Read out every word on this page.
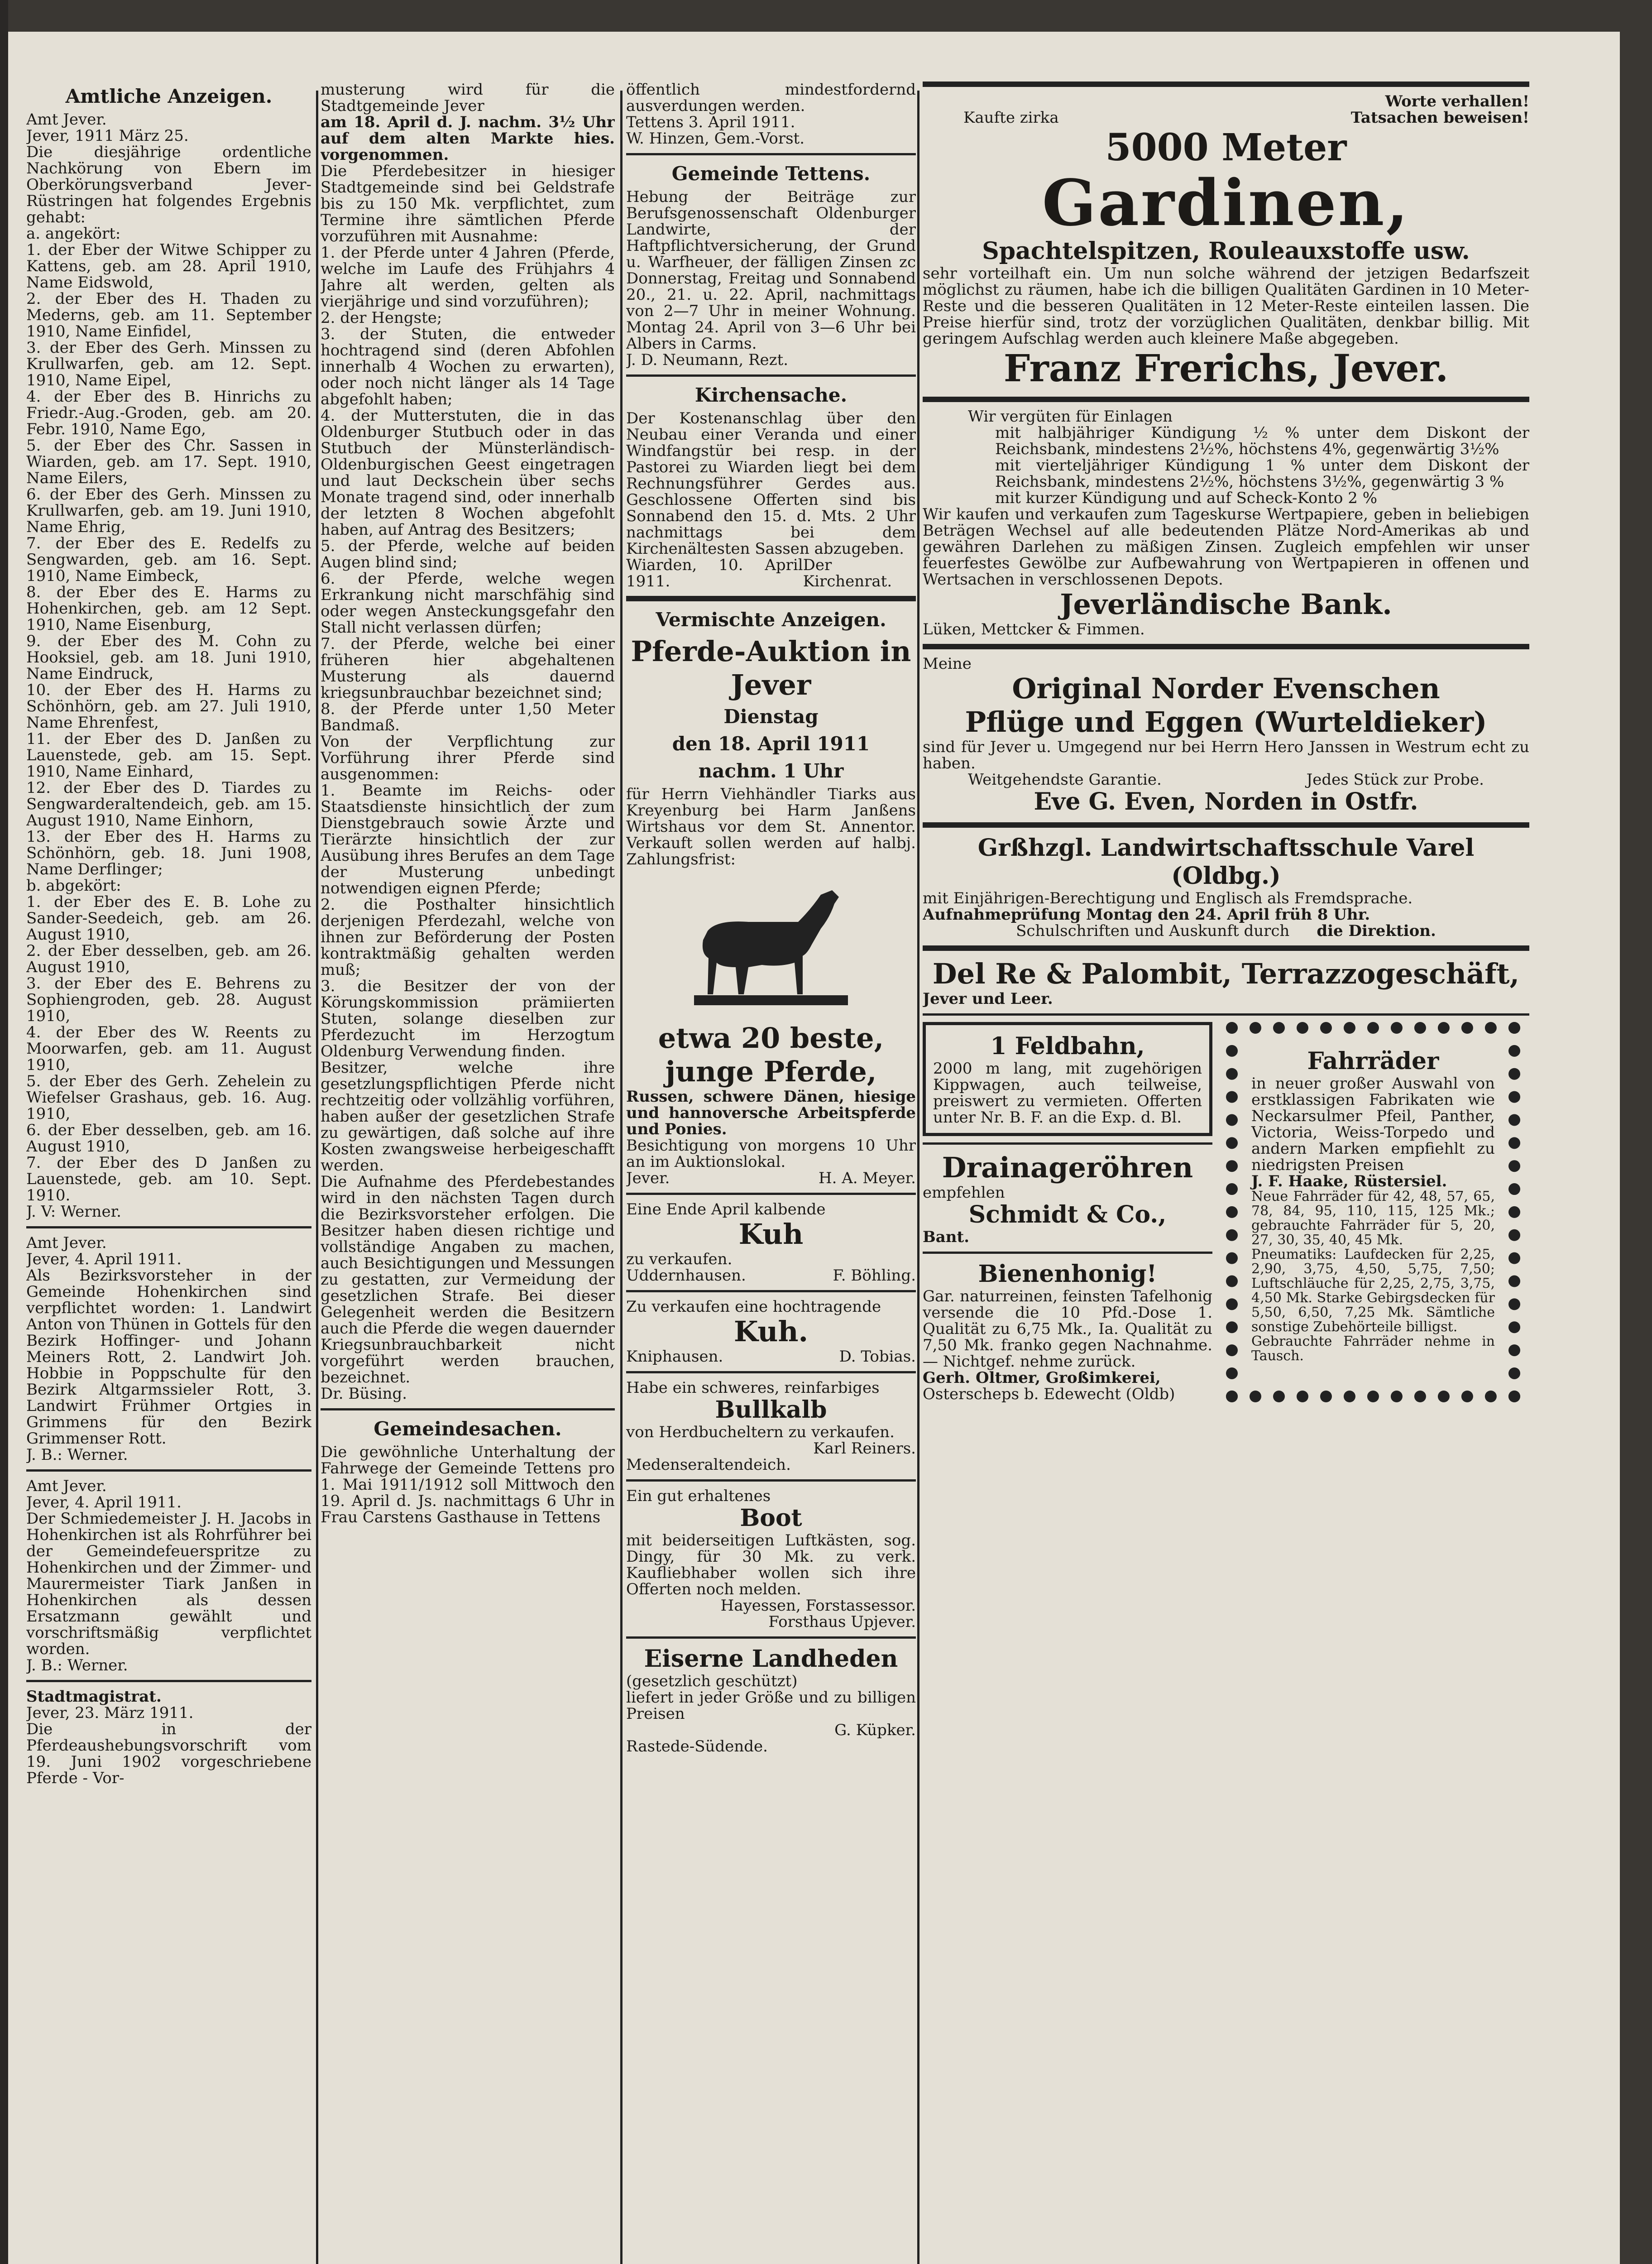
Amtliche Anzeigen.

Amt Jever.

Jever, 1911 März 25.

Die diesjährige ordentliche Nachkörung von Ebern im Oberkörungsverband Jever-Rüstringen hat folgendes Ergebnis gehabt:

a. angekört:

1. der Eber der Witwe Schipper zu Kattens, geb. am 28. April 1910, Name Eidswold,

2. der Eber des H. Thaden zu Mederns, geb. am 11. September 1910, Name Einfidel,

3. der Eber des Gerh. Minssen zu Krullwarfen, geb. am 12. Sept. 1910, Name Eipel,

4. der Eber des B. Hinrichs zu Friedr.-Aug.-Groden, geb. am 20. Febr. 1910, Name Ego,

5. der Eber des Chr. Sassen in Wiarden, geb. am 17. Sept. 1910, Name Eilers,

6. der Eber des Gerh. Minssen zu Krullwarfen, geb. am 19. Juni 1910, Name Ehrig,

7. der Eber des E. Redelfs zu Sengwarden, geb. am 16. Sept. 1910, Name Eimbeck,

8. der Eber des E. Harms zu Hohenkirchen, geb. am 12 Sept. 1910, Name Eisenburg,

9. der Eber des M. Cohn zu Hooksiel, geb. am 18. Juni 1910, Name Eindruck,

10. der Eber des H. Harms zu Schönhörn, geb. am 27. Juli 1910, Name Ehrenfest,

11. der Eber des D. Janßen zu Lauenstede, geb. am 15. Sept. 1910, Name Einhard,

12. der Eber des D. Tiardes zu Sengwarderaltendeich, geb. am 15. August 1910, Name Einhorn,

13. der Eber des H. Harms zu Schönhörn, geb. 18. Juni 1908, Name Derflinger;

b. abgekört:

1. der Eber des E. B. Lohe zu Sander-Seedeich, geb. am 26. August 1910,

2. der Eber desselben, geb. am 26. August 1910,

3. der Eber des E. Behrens zu Sophiengroden, geb. 28. August 1910,

4. der Eber des W. Reents zu Moorwarfen, geb. am 11. August 1910,

5. der Eber des Gerh. Zehelein zu Wiefelser Grashaus, geb. 16. Aug. 1910,

6. der Eber desselben, geb. am 16. August 1910,

7. der Eber des D Janßen zu Lauenstede, geb. am 10. Sept. 1910.

J. V: Werner.

Amt Jever.

Jever, 4. April 1911.

Als Bezirksvorsteher in der Gemeinde Hohenkirchen sind verpflichtet worden: 1. Landwirt Anton von Thünen in Gottels für den Bezirk Hoffinger- und Johann Meiners Rott, 2. Landwirt Joh. Hobbie in Poppschulte für den Bezirk Altgarmssieler Rott, 3. Landwirt Frühmer Ortgies in Grimmens für den Bezirk Grimmenser Rott.

J. B.: Werner.

Amt Jever.

Jever, 4. April 1911.

Der Schmiedemeister J. H. Jacobs in Hohenkirchen ist als Rohrführer bei der Gemeindefeuerspritze zu Hohenkirchen und der Zimmer- und Maurermeister Tiark Janßen in Hohenkirchen als dessen Ersatzmann gewählt und vorschriftsmäßig verpflichtet worden.

J. B.: Werner.

Stadtmagistrat.

Jever, 23. März 1911.

Die in der Pferdeaushebungsvorschrift vom 19. Juni 1902 vorgeschriebene Pferde - Vor-

musterung wird für die Stadtgemeinde Jever

am 18. April d. J. nachm. 3½ Uhr auf dem alten Markte hies. vorgenommen.

Die Pferdebesitzer in hiesiger Stadtgemeinde sind bei Geldstrafe bis zu 150 Mk. verpflichtet, zum Termine ihre sämtlichen Pferde vorzuführen mit Ausnahme:

1. der Pferde unter 4 Jahren (Pferde, welche im Laufe des Frühjahrs 4 Jahre alt werden, gelten als vierjährige und sind vorzuführen);

2. der Hengste;

3. der Stuten, die entweder hochtragend sind (deren Abfohlen innerhalb 4 Wochen zu erwarten), oder noch nicht länger als 14 Tage abgefohlt haben;

4. der Mutterstuten, die in das Oldenburger Stutbuch oder in das Stutbuch der Münsterländisch-Oldenburgischen Geest eingetragen und laut Deckschein über sechs Monate tragend sind, oder innerhalb der letzten 8 Wochen abgefohlt haben, auf Antrag des Besitzers;

5. der Pferde, welche auf beiden Augen blind sind;

6. der Pferde, welche wegen Erkrankung nicht marschfähig sind oder wegen Ansteckungsgefahr den Stall nicht verlassen dürfen;

7. der Pferde, welche bei einer früheren hier abgehaltenen Musterung als dauernd kriegsunbrauchbar bezeichnet sind;

8. der Pferde unter 1,50 Meter Bandmaß.

Von der Verpflichtung zur Vorführung ihrer Pferde sind ausgenommen:

1. Beamte im Reichs- oder Staatsdienste hinsichtlich der zum Dienstgebrauch sowie Ärzte und Tierärzte hinsichtlich der zur Ausübung ihres Berufes an dem Tage der Musterung unbedingt notwendigen eignen Pferde;

2. die Posthalter hinsichtlich derjenigen Pferdezahl, welche von ihnen zur Beförderung der Posten kontraktmäßig gehalten werden muß;

3. die Besitzer der von der Körungskommission prämiierten Stuten, solange dieselben zur Pferdezucht im Herzogtum Oldenburg Verwendung finden.

Besitzer, welche ihre gesetzlungspflichtigen Pferde nicht rechtzeitig oder vollzählig vorführen, haben außer der gesetzlichen Strafe zu gewärtigen, daß solche auf ihre Kosten zwangsweise herbeigeschafft werden.

Die Aufnahme des Pferdebestandes wird in den nächsten Tagen durch die Bezirksvorsteher erfolgen. Die Besitzer haben diesen richtige und vollständige Angaben zu machen, auch Besichtigungen und Messungen zu gestatten, zur Vermeidung der gesetzlichen Strafe. Bei dieser Gelegenheit werden die Besitzern auch die Pferde die wegen dauernder Kriegsunbrauchbarkeit nicht vorgeführt werden brauchen, bezeichnet.

Dr. Büsing.

Gemeindesachen.

Die gewöhnliche Unterhaltung der Fahrwege der Gemeinde Tettens pro 1. Mai 1911/1912 soll Mittwoch den 19. April d. Js. nachmittags 6 Uhr in Frau Carstens Gasthause in Tettens

öffentlich mindestfordernd ausverdungen werden.

Tettens 3. April 1911.

W. Hinzen, Gem.-Vorst.

Gemeinde Tettens.

Hebung der Beiträge zur Berufsgenossenschaft Oldenburger Landwirte, der Haftpflichtversicherung, der Grund u. Warfheuer, der fälligen Zinsen zc Donnerstag, Freitag und Sonnabend 20., 21. u. 22. April, nachmittags von 2—7 Uhr in meiner Wohnung. Montag 24. April von 3—6 Uhr bei Albers in Carms.

J. D. Neumann, Rezt.

Kirchensache.

Der Kostenanschlag über den Neubau einer Veranda und einer Windfangstür bei resp. in der Pastorei zu Wiarden liegt bei dem Rechnungsführer Gerdes aus. Geschlossene Offerten sind bis Sonnabend den 15. d. Mts. 2 Uhr nachmittags bei dem Kirchenältesten Sassen abzugeben.

Wiarden, 10. April 1911.

Der Kirchenrat.

Vermischte Anzeigen.
Pferde-Auktion in Jever
Dienstag
den 18. April 1911
nachm. 1 Uhr

für Herrn Viehhändler Tiarks aus Kreyenburg bei Harm Janßens Wirtshaus vor dem St. Annentor. Verkauft sollen werden auf halbj. Zahlungsfrist:

etwa 20 beste, junge Pferde,

Russen, schwere Dänen, hiesige und hannoversche Arbeitspferde und Ponies.

Besichtigung von morgens 10 Uhr an im Auktionslokal.

Jever.	H. A. Meyer.

Eine Ende April kalbende

Kuh

zu verkaufen.

Uddernhausen.	F. Böhling.

Zu verkaufen eine hochtragende

Kuh.

Kniphausen.	D. Tobias.

Habe ein schweres, reinfarbiges

Bullkalb

von Herdbucheltern zu verkaufen.

Karl Reiners.

Medenseraltendeich.

Ein gut erhaltenes

Boot

mit beiderseitigen Luftkästen, sog. Dingy, für 30 Mk. zu verk. Kaufliebhaber wollen sich ihre Offerten noch melden.

Hayessen, Forstassessor.

Forsthaus Upjever.

Eiserne Landheden

(gesetzlich geschützt)

liefert in jeder Größe und zu billigen Preisen

G. Küpker.

Rastede-Südende.

Worte verhallen!

Kaufte zirka	Tatsachen beweisen!

5000 Meter
Gardinen,
Spachtelspitzen, Rouleauxstoffe usw.

sehr vorteilhaft ein. Um nun solche während der jetzigen Bedarfszeit möglichst zu räumen, habe ich die billigen Qualitäten Gardinen in 10 Meter-Reste und die besseren Qualitäten in 12 Meter-Reste einteilen lassen. Die Preise hierfür sind, trotz der vorzüglichen Qualitäten, denkbar billig. Mit geringem Aufschlag werden auch kleinere Maße abgegeben.

Franz Frerichs, Jever.

Wir vergüten für Einlagen

mit halbjähriger Kündigung ½ % unter dem Diskont der Reichsbank, mindestens 2½%, höchstens 4%, gegenwärtig 3½%

mit vierteljähriger Kündigung 1 % unter dem Diskont der Reichsbank, mindestens 2½%, höchstens 3½%, gegenwärtig 3 %

mit kurzer Kündigung und auf Scheck-Konto 2 %

Wir kaufen und verkaufen zum Tageskurse Wertpapiere, geben in beliebigen Beträgen Wechsel auf alle bedeutenden Plätze Nord-Amerikas ab und gewähren Darlehen zu mäßigen Zinsen. Zugleich empfehlen wir unser feuerfestes Gewölbe zur Aufbewahrung von Wertpapieren in offenen und Wertsachen in verschlossenen Depots.

Jeverländische Bank.

Lüken, Mettcker & Fimmen.

Meine

Original Norder Evenschen
Pflüge und Eggen (Wurteldieker)

sind für Jever u. Umgegend nur bei Herrn Hero Janssen in Westrum echt zu haben.

Weitgehendste Garantie.	Jedes Stück zur Probe.

Eve G. Even, Norden in Ostfr.
Grßhzgl. Landwirtschaftsschule Varel (Oldbg.)

mit Einjährigen-Berechtigung und Englisch als Fremdsprache.

Aufnahmeprüfung Montag den 24. April früh 8 Uhr.

Schulschriften und Auskunft durch die Direktion.

Del Re & Palombit, Terrazzogeschäft,

Jever und Leer.

1 Feldbahn,

2000 m lang, mit zugehörigen Kippwagen, auch teilweise, preiswert zu vermieten. Offerten unter Nr. B. F. an die Exp. d. Bl.

Drainageröhren

empfehlen

Schmidt & Co.,

Bant.

Bienenhonig!

Gar. naturreinen, feinsten Tafelhonig versende die 10 Pfd.-Dose 1. Qualität zu 6,75 Mk., Ia. Qualität zu 7,50 Mk. franko gegen Nachnahme. — Nichtgef. nehme zurück.

Gerh. Oltmer, Großimkerei,

Osterscheps b. Edewecht (Oldb)

Fahrräder

in neuer großer Auswahl von erstklassigen Fabrikaten wie Neckarsulmer Pfeil, Panther, Victoria, Weiss-Torpedo und andern Marken empfiehlt zu niedrigsten Preisen

J. F. Haake, Rüstersiel.

Neue Fahrräder für 42, 48, 57, 65, 78, 84, 95, 110, 115, 125 Mk.; gebrauchte Fahrräder für 5, 20, 27, 30, 35, 40, 45 Mk.

Pneumatiks: Laufdecken für 2,25, 2,90, 3,75, 4,50, 5,75, 7,50; Luftschläuche für 2,25, 2,75, 3,75, 4,50 Mk. Starke Gebirgsdecken für 5,50, 6,50, 7,25 Mk. Sämtliche sonstige Zubehörteile billigst.

Gebrauchte Fahrräder nehme in Tausch.
